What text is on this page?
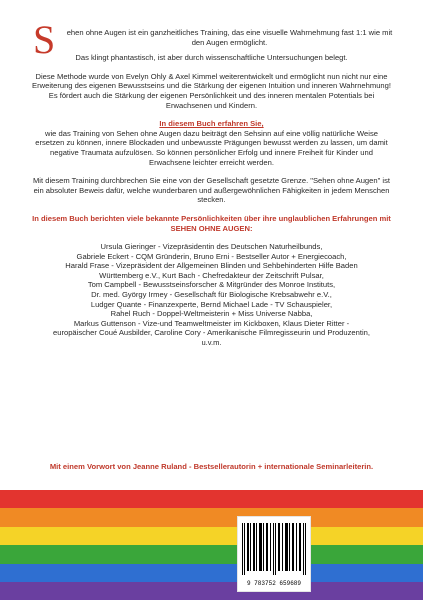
S	ehen ohne Augen ist ein ganzheitliches Training, das eine visuelle Wahrnehmung fast 1:1 wie mit den Augen ermöglicht.

Das klingt phantastisch, ist aber durch wissenschaftliche Untersuchungen belegt.

Diese Methode wurde von Evelyn Ohly & Axel Kimmel weiterentwickelt und ermöglicht nun nicht nur eine Erweiterung des eigenen Bewusstseins und die Stärkung der eigenen Intuition und inneren Wahrnehmung! Es fördert auch die Stärkung der eigenen Persönlichkeit und des inneren mentalen Potentials bei Erwachsenen und Kindern.

In diesem Buch erfahren Sie,
wie das Training von Sehen ohne Augen dazu beiträgt den Sehsinn auf eine völlig natürliche Weise ersetzen zu können, innere Blockaden und unbewusste Prägungen bewusst werden zu lassen, um damit negative Traumata aufzulösen. So können persönlicher Erfolg und innere Freiheit für Kinder und Erwachsene leichter erreicht werden.

Mit diesem Training durchbrechen Sie eine von der Gesellschaft gesetzte Grenze. "Sehen ohne Augen" ist ein absoluter Beweis dafür, welche wunderbaren und außergewöhnlichen Fähigkeiten in jedem Menschen stecken.

In diesem Buch berichten viele bekannte Persönlichkeiten über ihre unglaublichen Erfahrungen mit SEHEN OHNE AUGEN:

Ursula Gieringer - Vizepräsidentin des Deutschen Naturheilbunds,
Gabriele Eckert - CQM Gründerin, Bruno Erni - Bestseller Autor + Energiecoach,
Harald Frase - Vizepräsident der Allgemeinen Blinden und Sehbehinderten Hilfe Baden
Württemberg e.V., Kurt Bach - Chefredakteur der Zeitschrift Pulsar,
Tom Campbell - Bewusstseinsforscher & Mitgründer des Monroe Instituts,
Dr. med. György Irmey - Gesellschaft für Biologische Krebsabwehr e.V.,
Ludger Quante - Finanzexperte, Bernd Michael Lade - TV Schauspieler,
Rahel Ruch - Doppel-Weltmeisterin + Miss Universe Nabba,
Markus Guttenson - Vize-und Teamweltmeister im Kickboxen, Klaus Dieter Ritter -
europäischer Coué Ausbilder, Caroline Cory - Amerikanische Filmregisseurin und Produzentin,
u.v.m.
Mit einem Vorwort von Jeanne Ruland - Bestsellerautorin + internationale Seminarleiterin.
9 783752 659689
